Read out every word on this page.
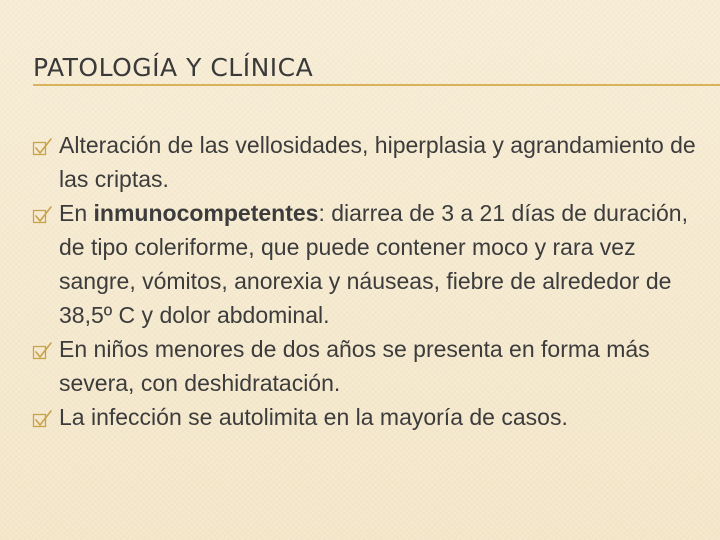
PATOLOGÍA Y CLÍNICA
Alteración de las vellosidades, hiperplasia y agrandamiento de las criptas.
En inmunocompetentes: diarrea de 3 a 21 días de duración, de tipo coleriforme, que puede contener moco y rara vez sangre, vómitos, anorexia y náuseas, fiebre de alrededor de 38,5º C y dolor abdominal.
En niños menores de dos años se presenta en forma más severa, con deshidratación.
La infección se autolimita en la mayoría de casos.
